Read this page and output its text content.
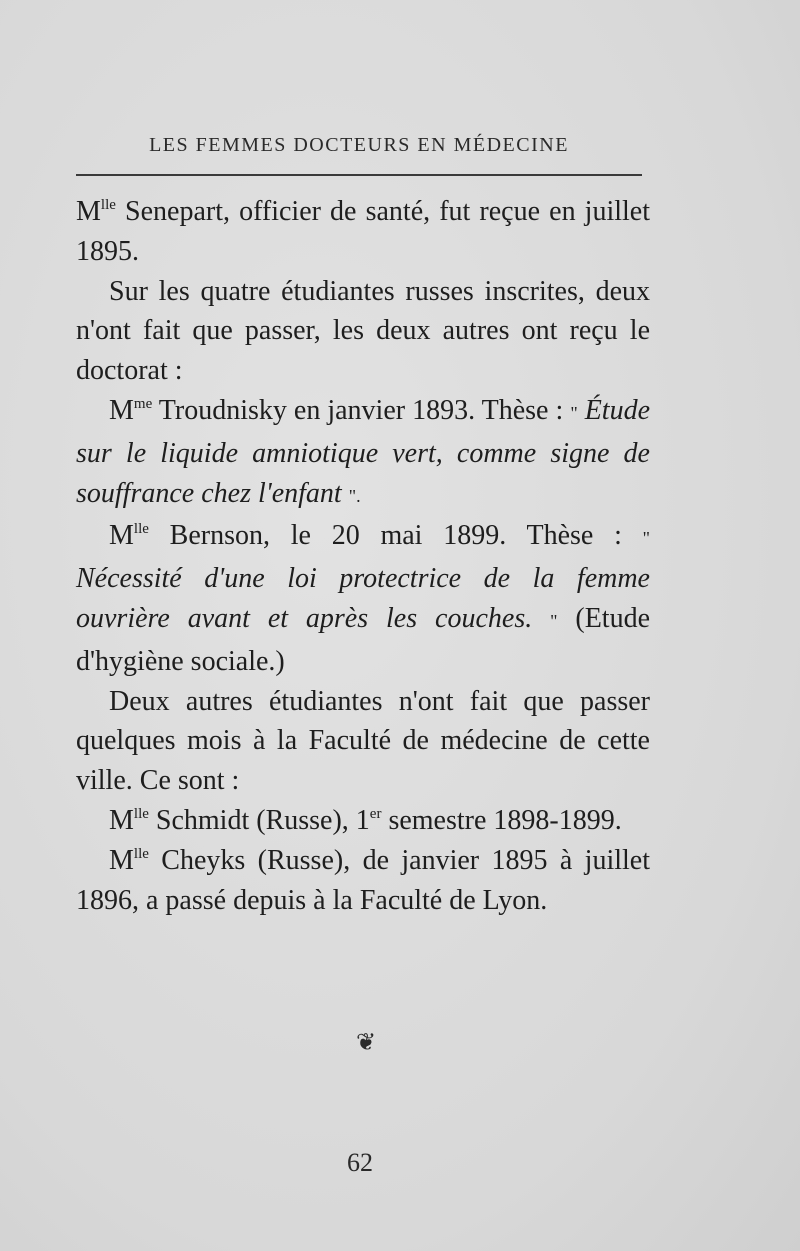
LES FEMMES DOCTEURS EN MÉDECINE

$M^{lle}$ Senepart, officier de santé, fut reçue en juillet 1895.

Sur les quatre étudiantes russes inscrites, deux n'ont fait que passer, les deux autres ont reçu le doctorat :

$M^{me}$ Troudnisky en janvier 1893. Thèse : " Étude sur le liquide amniotique vert, comme signe de souffrance chez l'enfant ".

$M^{lle}$ Bernson, le 20 mai 1899. Thèse : " Nécessité d'une loi protectrice de la femme ouvrière avant et après les couches. " (Etude d'hygiène sociale.)

Deux autres étudiantes n'ont fait que passer quelques mois à la Faculté de médecine de cette ville. Ce sont :

$M^{lle}$ Schmidt (Russe), 1er semestre 1898-1899.

$M^{lle}$ Cheyks (Russe), de janvier 1895 à juillet 1896, a passé depuis à la Faculté de Lyon.

❦
62
